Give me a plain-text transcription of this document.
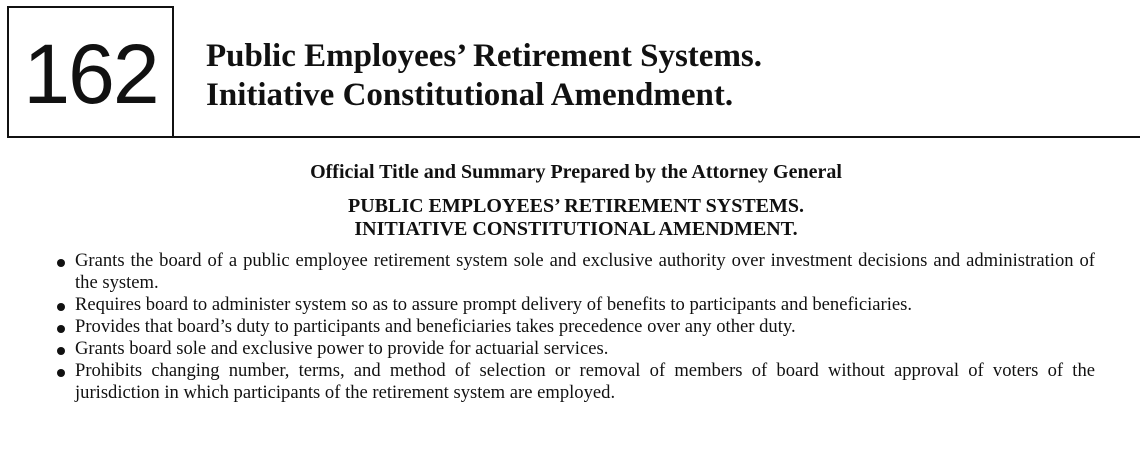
162 Public Employees’ Retirement Systems.
Initiative Constitutional Amendment.
Official Title and Summary Prepared by the Attorney General
PUBLIC EMPLOYEES’ RETIREMENT SYSTEMS.
INITIATIVE CONSTITUTIONAL AMENDMENT.
Grants the board of a public employee retirement system sole and exclusive authority over investment decisions and administration of the system.
Requires board to administer system so as to assure prompt delivery of benefits to participants and beneficiaries.
Provides that board’s duty to participants and beneficiaries takes precedence over any other duty.
Grants board sole and exclusive power to provide for actuarial services.
Prohibits changing number, terms, and method of selection or removal of members of board without approval of voters of the jurisdiction in which participants of the retirement system are employed.
